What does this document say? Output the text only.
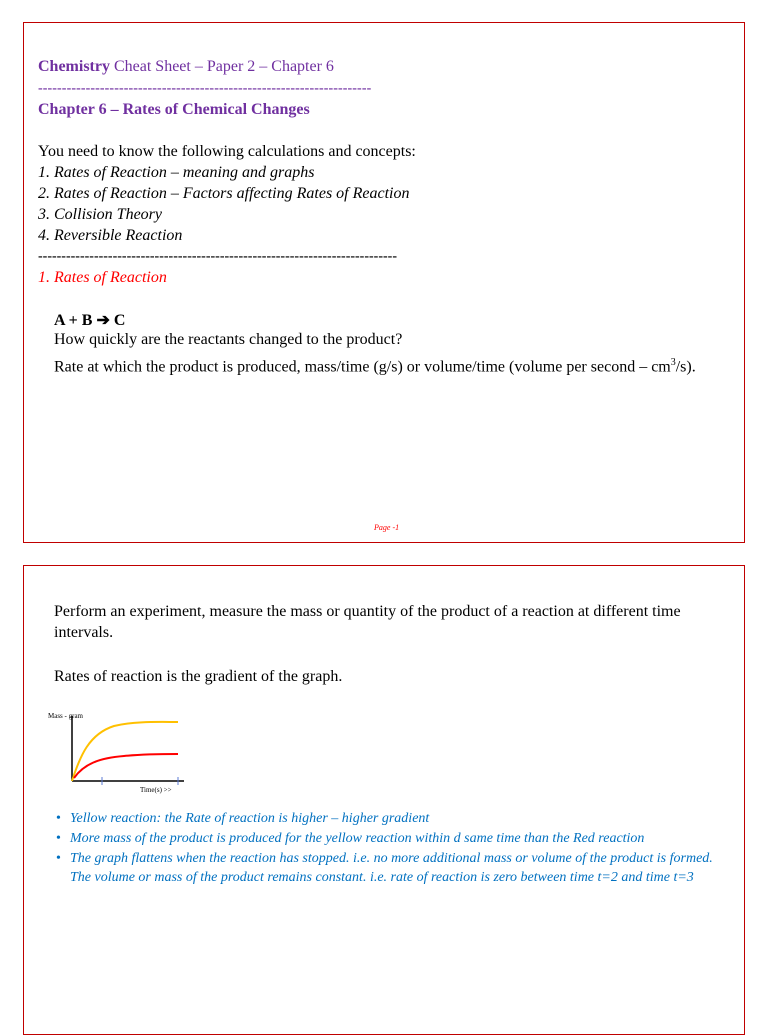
Chemistry Cheat Sheet – Paper 2 – Chapter 6
----------------------------------------------------------------------
Chapter 6 – Rates of Chemical Changes
You need to know the following calculations and concepts:
1. Rates of Reaction – meaning and graphs
2. Rates of Reaction – Factors affecting Rates of Reaction
3. Collision Theory
4. Reversible Reaction
-----------------------------------------------------------------------------
1. Rates of Reaction
A + B ➔ C
How quickly are the reactants changed to the product?
Rate at which the product is produced, mass/time (g/s) or volume/time (volume per second – $cm^3/s$).
Page -1
Perform an experiment, measure the mass or quantity of the product of a reaction at different time intervals.
Rates of reaction is the gradient of the graph.
Mass - gram
Time(s) >>
• Yellow reaction: the Rate of reaction is higher – higher gradient
• More mass of the product is produced for the yellow reaction within d same time than the Red reaction
• The graph flattens when the reaction has stopped. i.e. no more additional mass or volume of the product is formed. The volume or mass of the product remains constant. i.e. rate of reaction is zero between time t=2 and time t=3
